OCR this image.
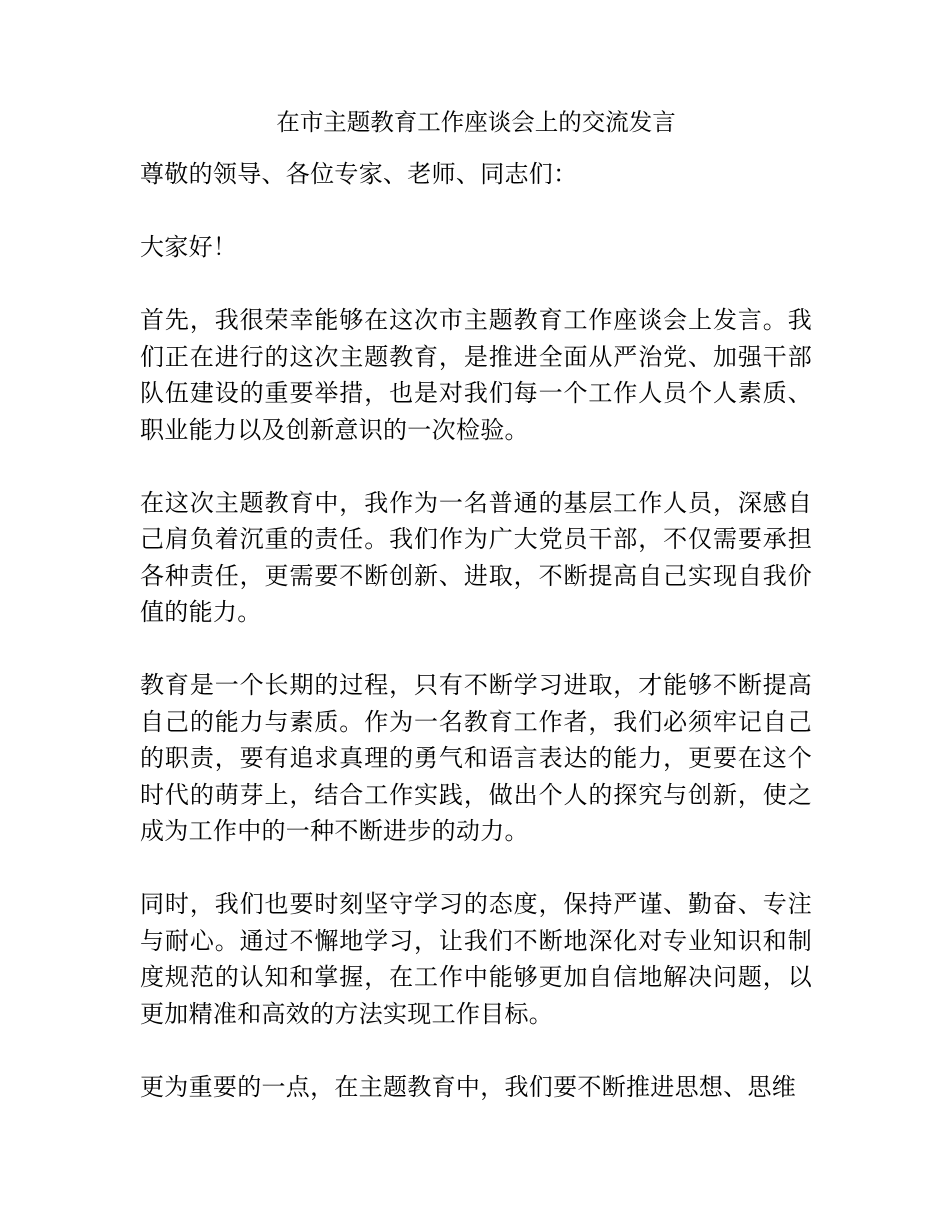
在市主题教育工作座谈会上的交流发言

尊敬的领导、各位专家、老师、同志们：

大家好！

首先，我很荣幸能够在这次市主题教育工作座谈会上发言。我们正在进行的这次主题教育，是推进全面从严治党、加强干部队伍建设的重要举措，也是对我们每一个工作人员个人素质、职业能力以及创新意识的一次检验。

在这次主题教育中，我作为一名普通的基层工作人员，深感自己肩负着沉重的责任。我们作为广大党员干部，不仅需要承担各种责任，更需要不断创新、进取，不断提高自己实现自我价值的能力。

教育是一个长期的过程，只有不断学习进取，才能够不断提高自己的能力与素质。作为一名教育工作者，我们必须牢记自己的职责，要有追求真理的勇气和语言表达的能力，更要在这个时代的萌芽上，结合工作实践，做出个人的探究与创新，使之成为工作中的一种不断进步的动力。

同时，我们也要时刻坚守学习的态度，保持严谨、勤奋、专注与耐心。通过不懈地学习，让我们不断地深化对专业知识和制度规范的认知和掌握，在工作中能够更加自信地解决问题，以更加精准和高效的方法实现工作目标。

更为重要的一点，在主题教育中，我们要不断推进思想、思维
